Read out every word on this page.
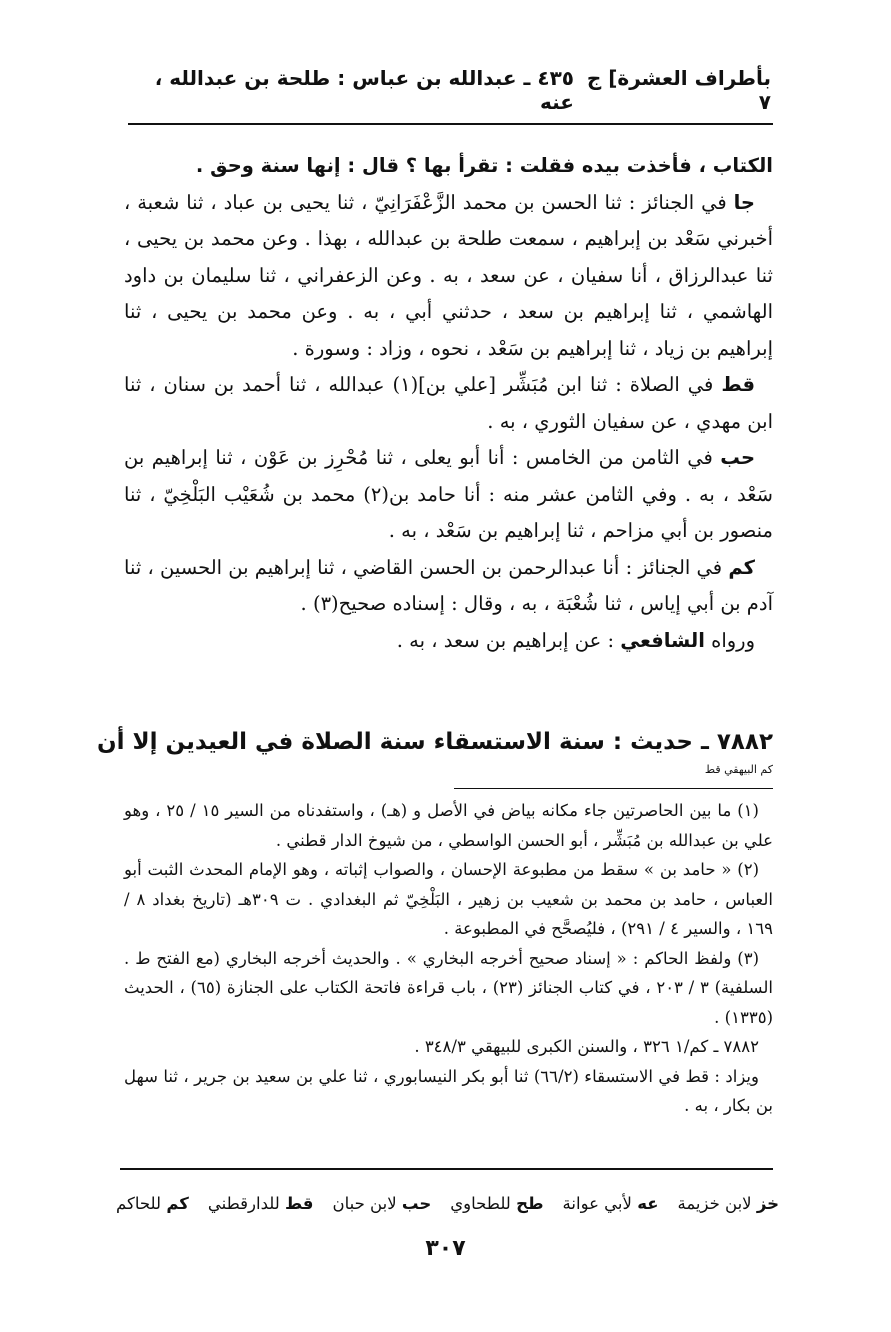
بأطراف العشرة] ج ٧
٤٣٥ ـ عبدالله بن عباس : طلحة بن عبدالله ، عنه

الكتاب ، فأخذت بيده فقلت : تقرأ بها ؟ قال : إنها سنة وحق .

جا في الجنائز : ثنا الحسن بن محمد الزَّعْفَرَانِيّ ، ثنا يحيى بن عباد ، ثنا شعبة ، أخبرني سَعْد بن إبراهيم ، سمعت طلحة بن عبدالله ، بهذا . وعن محمد بن يحيى ، ثنا عبدالرزاق ، أنا سفيان ، عن سعد ، به . وعن الزعفراني ، ثنا سليمان بن داود الهاشمي ، ثنا إبراهيم بن سعد ، حدثني أبي ، به . وعن محمد بن يحيى ، ثنا إبراهيم بن زياد ، ثنا إبراهيم بن سَعْد ، نحوه ، وزاد : وسورة .

قط في الصلاة : ثنا ابن مُبَشِّر [علي بن](١) عبدالله ، ثنا أحمد بن سنان ، ثنا ابن مهدي ، عن سفيان الثوري ، به .

حب في الثامن من الخامس : أنا أبو يعلى ، ثنا مُحْرِز بن عَوْن ، ثنا إبراهيم بن سَعْد ، به . وفي الثامن عشر منه : أنا حامد بن(٢) محمد بن شُعَيْب البَلْخِيّ ، ثنا منصور بن أبي مزاحم ، ثنا إبراهيم بن سَعْد ، به .

كم في الجنائز : أنا عبدالرحمن بن الحسن القاضي ، ثنا إبراهيم بن الحسين ، ثنا آدم بن أبي إياس ، ثنا شُعْبَة ، به ، وقال : إسناده صحيح(٣) .

ورواه الشافعي : عن إبراهيم بن سعد ، به .

٧٨٨٢ ـ حديث : سنة الاستسقاء سنة الصلاة في العيدين إلا أن
كم البيهقي قط

(١) ما بين الحاصرتين جاء مكانه بياض في الأصل و (هـ) ، واستفدناه من السير ١٥ / ٢٥ ، وهو علي بن عبدالله بن مُبَشِّر ، أبو الحسن الواسطي ، من شيوخ الدار قطني .

(٢) « حامد بن » سقط من مطبوعة الإحسان ، والصواب إثباته ، وهو الإمام المحدث الثبت أبو العباس ، حامد بن محمد بن شعيب بن زهير ، البَلْخِيّ ثم البغدادي . ت ٣٠٩هـ (تاريخ بغداد ٨ / ١٦٩ ، والسير ٤ / ٢٩١) ، فليُصحَّح في المطبوعة .

(٣) ولفظ الحاكم : « إسناد صحيح أخرجه البخاري » . والحديث أخرجه البخاري (مع الفتح ط . السلفية) ٣ / ٢٠٣ ، في كتاب الجنائز (٢٣) ، باب قراءة فاتحة الكتاب على الجنازة (٦٥) ، الحديث (١٣٣٥) .

٧٨٨٢ ـ كم/١ ٣٢٦ ، والسنن الكبرى للبيهقي ٣٤٨/٣ .

ويزاد : قط في الاستسقاء (٦٦/٢) ثنا أبو بكر النيسابوري ، ثنا علي بن سعيد بن جرير ، ثنا سهل بن بكار ، به .

خز لابن خزيمة
عه لأبي عوانة
طح للطحاوي
حب لابن حبان
قط للدارقطني
كم للحاكم
٣٠٧
